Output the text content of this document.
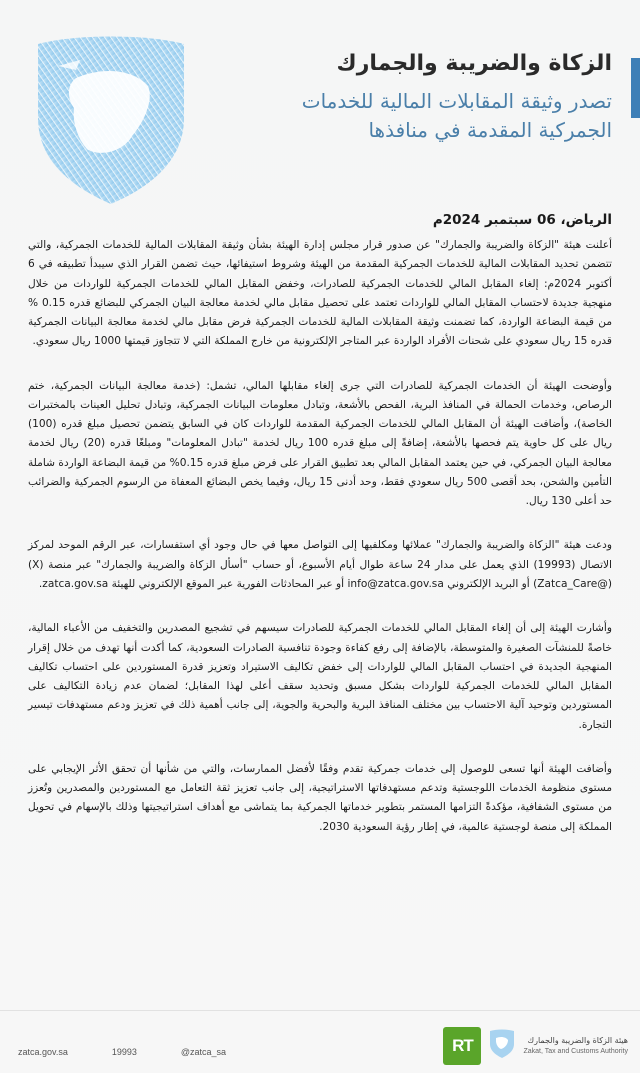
الزكاة والضريبة والجمارك
تصدر وثيقة المقابلات المالية للخدمات
الجمركية المقدمة في منافذها
الرياض، 06 سبتمبر 2024م

أعلنت هيئة "الزكاة والضريبة والجمارك" عن صدور قرار مجلس إدارة الهيئة بشأن وثيقة المقابلات المالية للخدمات الجمركية، والتي تتضمن تحديد المقابلات المالية للخدمات الجمركية المقدمة من الهيئة وشروط استيفائها، حيث تضمن القرار الذي سيبدأ تطبيقه في 6 أكتوبر 2024م: إلغاء المقابل المالي للخدمات الجمركية للصادرات، وخفض المقابل المالي للخدمات الجمركية للواردات من خلال منهجية جديدة لاحتساب المقابل المالي للواردات تعتمد على تحصيل مقابل مالي لخدمة معالجة البيان الجمركي للبضائع قدره 0.15 % من قيمة البضاعة الواردة، كما تضمنت وثيقة المقابلات المالية للخدمات الجمركية فرض مقابل مالي لخدمة معالجة البيانات الجمركية قدره 15 ريال سعودي على شحنات الأفراد الواردة عبر المتاجر الإلكترونية من خارج المملكة التي لا تتجاوز قيمتها 1000 ريال سعودي.

وأوضحت الهيئة أن الخدمات الجمركية للصادرات التي جرى إلغاء مقابلها المالي، تشمل: (خدمة معالجة البيانات الجمركية، ختم الرصاص، وخدمات الحمالة في المنافذ البرية، الفحص بالأشعة، وتبادل معلومات البيانات الجمركية، وتبادل تحليل العينات بالمختبرات الخاصة)، وأضافت الهيئة أن المقابل المالي للخدمات الجمركية المقدمة للواردات كان في السابق يتضمن تحصيل مبلغ قدره (100) ريال على كل حاوية يتم فحصها بالأشعة، إضافةً إلى مبلغ قدره 100 ريال لخدمة "تبادل المعلومات" ومبلغًا قدره (20) ريال لخدمة معالجة البيان الجمركي، في حين يعتمد المقابل المالي بعد تطبيق القرار على فرض مبلغ قدره 0.15% من قيمة البضاعة الواردة شاملة التأمين والشحن، بحد أقصى 500 ريال سعودي فقط، وحد أدنى 15 ريال، وفيما يخص البضائع المعفاة من الرسوم الجمركية والضرائب حد أعلى 130 ريال.

ودعت هيئة "الزكاة والضريبة والجمارك" عملائها ومكلفيها إلى التواصل معها في حال وجود أي استفسارات، عبر الرقم الموحد لمركز الاتصال (19993) الذي يعمل على مدار 24 ساعة طوال أيام الأسبوع، أو حساب "أسأل الزكاة والضريبة والجمارك" عبر منصة (X) (@Zatca_Care) أو البريد الإلكتروني info@zatca.gov.sa أو عبر المحادثات الفورية عبر الموقع الإلكتروني للهيئة zatca.gov.sa.

وأشارت الهيئة إلى أن إلغاء المقابل المالي للخدمات الجمركية للصادرات سيسهم في تشجيع المصدرين والتخفيف من الأعباء المالية، خاصةً للمنشآت الصغيرة والمتوسطة، بالإضافة إلى رفع كفاءة وجودة تنافسية الصادرات السعودية، كما أكدت أنها تهدف من خلال إقرار المنهجية الجديدة في احتساب المقابل المالي للواردات إلى خفض تكاليف الاستيراد وتعزيز قدرة المستوردين على احتساب تكاليف المقابل المالي للخدمات الجمركية للواردات بشكل مسبق وتحديد سقف أعلى لهذا المقابل؛ لضمان عدم زيادة التكاليف على المستوردين وتوحيد آلية الاحتساب بين مختلف المنافذ البرية والبحرية والجوية، إلى جانب أهمية ذلك في تعزيز ودعم مستهدفات تيسير التجارة.

وأضافت الهيئة أنها تسعى للوصول إلى خدمات جمركية تقدم وفقًا لأفضل الممارسات، والتي من شأنها أن تحقق الأثر الإيجابي على مستوى منظومة الخدمات اللوجستية وتدعم مستهدفاتها الاستراتيجية، إلى جانب تعزيز ثقة التعامل مع المستوردين والمصدرين وتُعزز من مستوى الشفافية، مؤكدةً التزامها المستمر بتطوير خدماتها الجمركية بما يتماشى مع أهداف استراتيجيتها وذلك بالإسهام في تحويل المملكة إلى منصة لوجستية عالمية، في إطار رؤية السعودية 2030.

zatca.gov.sa	19993	@zatca_sa	RT	هيئة الزكاة والضريبة والجمارك
Zakat, Tax and Customs Authority
